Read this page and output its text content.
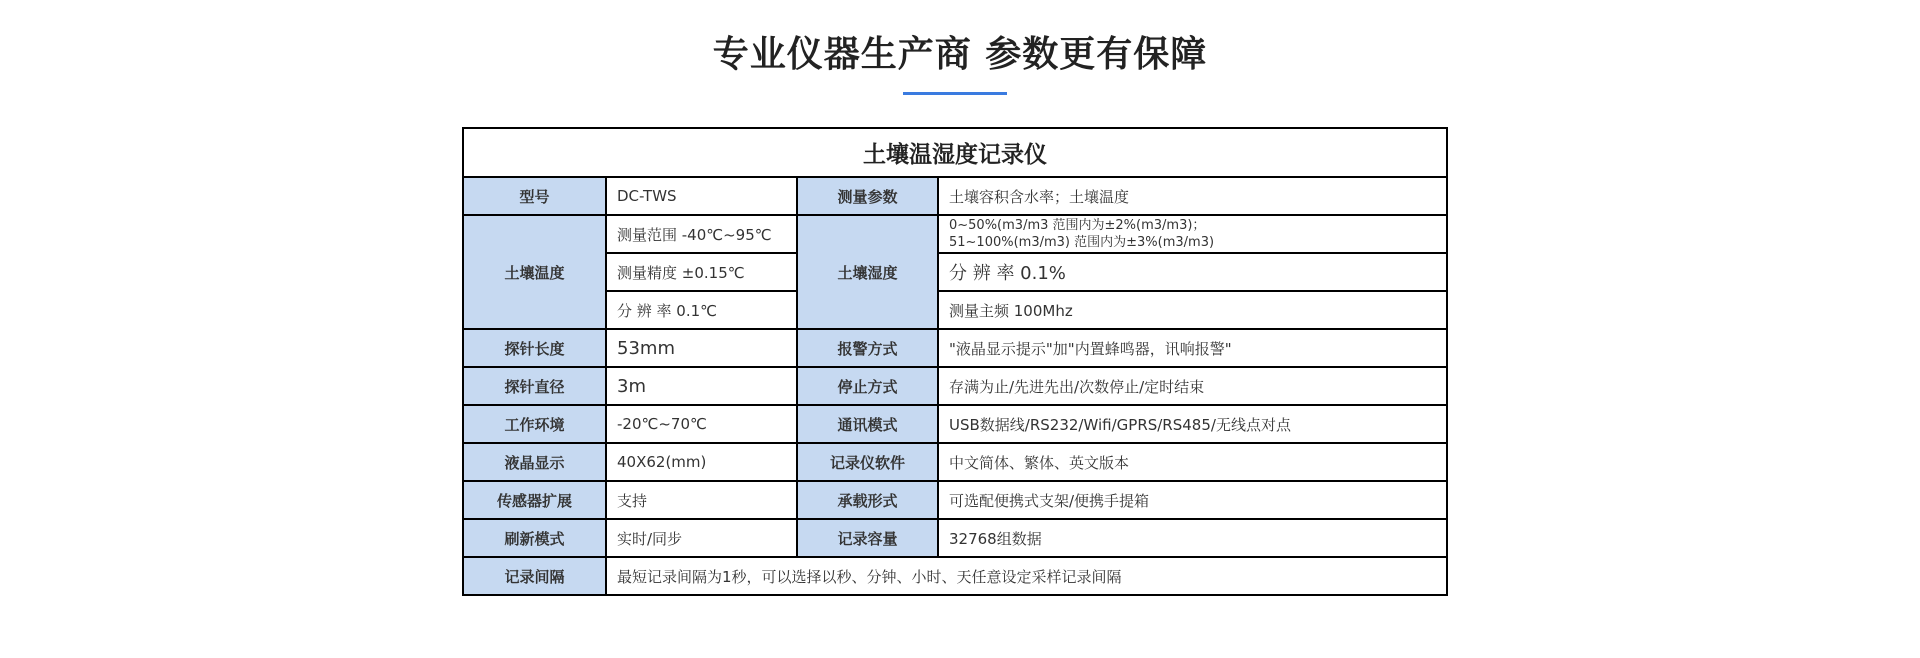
专业仪器生产商 参数更有保障
土壤温湿度记录仪			
型号	DC-TWS	测量参数	土壤容积含水率；土壤温度
土壤温度	测量范围 -40℃~95℃	土壤湿度	0~50%(m3/m3 范围内为±2%(m3/m3)；
51~100%(m3/m3) 范围内为±3%(m3/m3)

	测量精度 ±0.15℃		分 辨 率 0.1%
	分 辨 率 0.1℃		测量主频 100Mhz
探针长度	53mm	报警方式	"液晶显示提示"加"内置蜂鸣器，讯响报警"
探针直径	3m	停止方式	存满为止/先进先出/次数停止/定时结束
工作环境	-20℃~70℃	通讯模式	USB数据线/RS232/Wifi/GPRS/RS485/无线点对点
液晶显示	40X62(mm)	记录仪软件	中文简体、繁体、英文版本
传感器扩展	支持	承载形式	可选配便携式支架/便携手提箱
刷新模式	实时/同步	记录容量	32768组数据
记录间隔	最短记录间隔为1秒，可以选择以秒、分钟、小时、天任意设定采样记录间隔		
